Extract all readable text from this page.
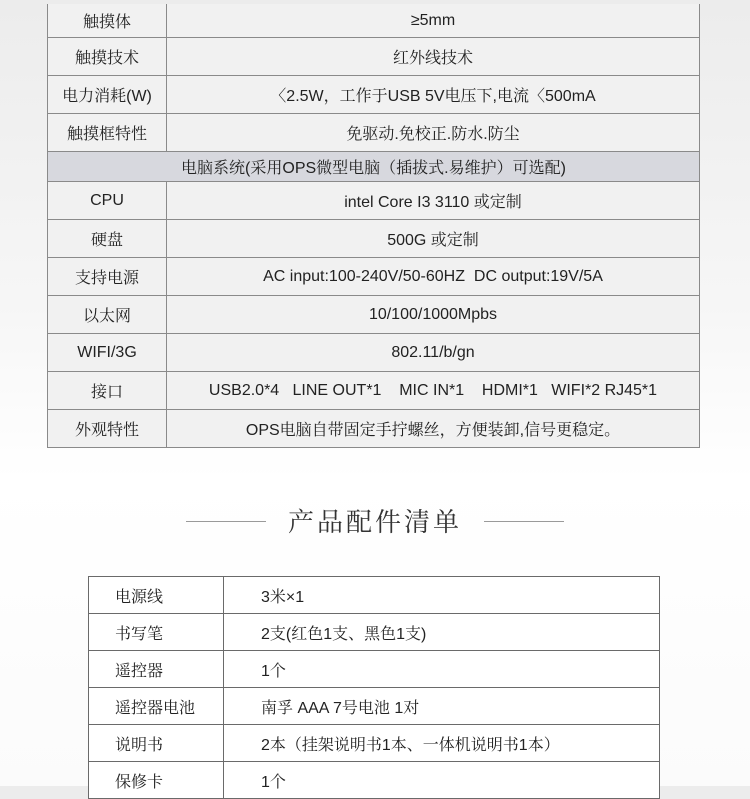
触摸体	≥5mm
触摸技术	红外线技术
电力消耗(W)	〈2.5W，工作于USB 5V电压下,电流〈500mA
触摸框特性	免驱动.免校正.防水.防尘
电脑系统(采用OPS微型电脑（插拔式.易维护）可选配)	
CPU	intel Core I3 3110 或定制
硬盘	500G 或定制
支持电源	AC input:100-240V/50-60HZ  DC output:19V/5A
以太网	10/100/1000Mpbs
WIFI/3G	802.11/b/gn
接口	USB2.0*4   LINE OUT*1    MIC IN*1    HDMI*1   WIFI*2 RJ45*1
外观特性	OPS电脑自带固定手拧螺丝，方便装卸,信号更稳定。
产品配件清单
电源线	3米×1
书写笔	2支(红色1支、黑色1支)
遥控器	1个
遥控器电池	南孚 AAA 7号电池 1对
说明书	2本（挂架说明书1本、一体机说明书1本）
保修卡	1个
